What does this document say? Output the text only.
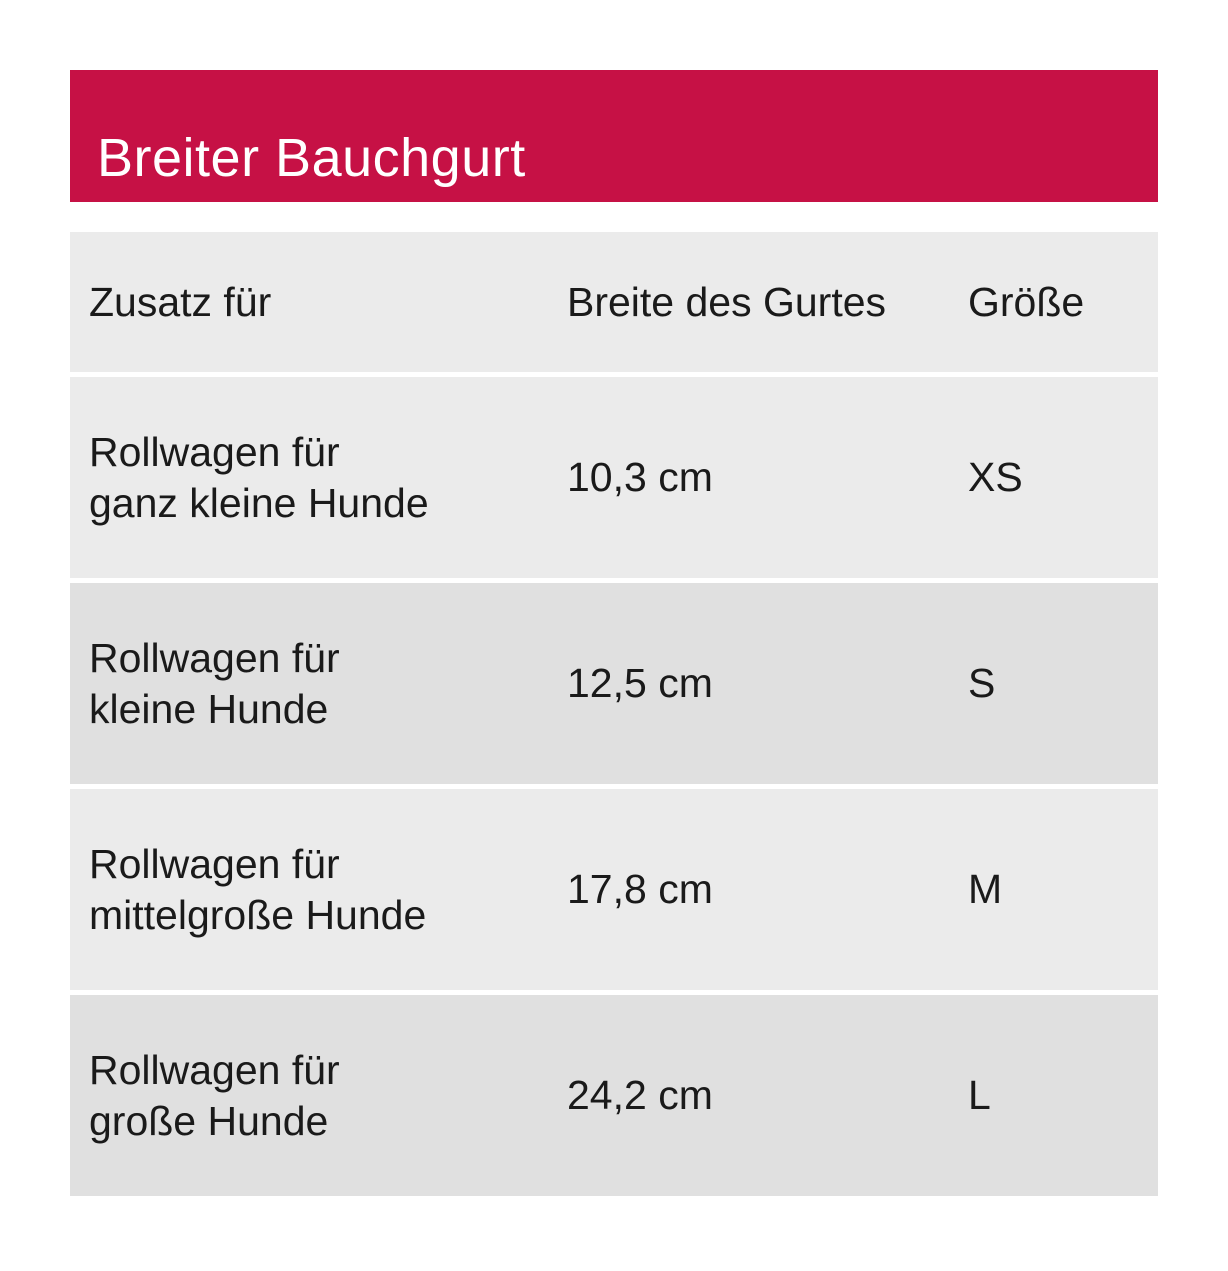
Breiter Bauchgurt
Zusatz für	Breite des Gurtes	Größe
Rollwagen für
ganz kleine Hunde
10,3 cm	XS
Rollwagen für
kleine Hunde
12,5 cm	S
Rollwagen für
mittelgroße Hunde
17,8 cm	M
Rollwagen für
große Hunde
24,2 cm	L
